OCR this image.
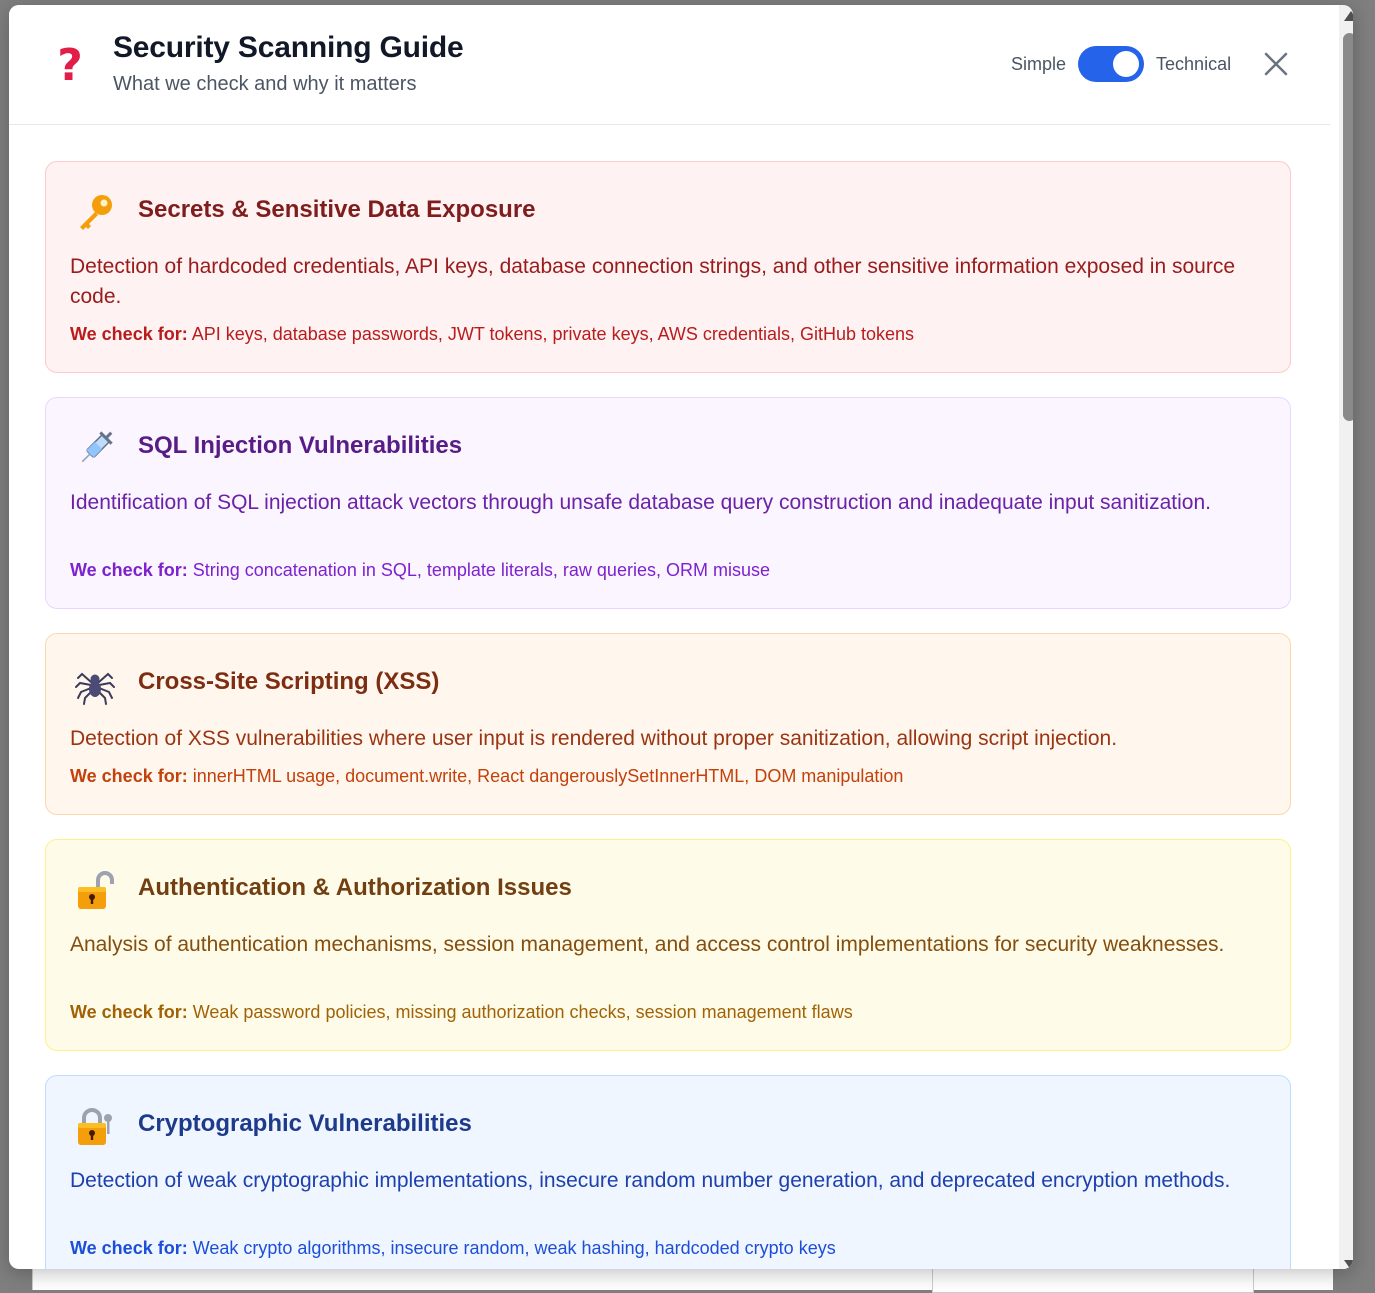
? Security Scanning Guide
What we check and why it matters
Simple	Technical
Secrets & Sensitive Data Exposure
Detection of hardcoded credentials, API keys, database connection strings, and other sensitive information exposed in source code.
We check for: API keys, database passwords, JWT tokens, private keys, AWS credentials, GitHub tokens
SQL Injection Vulnerabilities
Identification of SQL injection attack vectors through unsafe database query construction and inadequate input sanitization.
We check for: String concatenation in SQL, template literals, raw queries, ORM misuse
Cross-Site Scripting (XSS)
Detection of XSS vulnerabilities where user input is rendered without proper sanitization, allowing script injection.
We check for: innerHTML usage, document.write, React dangerouslySetInnerHTML, DOM manipulation
Authentication & Authorization Issues
Analysis of authentication mechanisms, session management, and access control implementations for security weaknesses.
We check for: Weak password policies, missing authorization checks, session management flaws
Cryptographic Vulnerabilities
Detection of weak cryptographic implementations, insecure random number generation, and deprecated encryption methods.
We check for: Weak crypto algorithms, insecure random, weak hashing, hardcoded crypto keys
